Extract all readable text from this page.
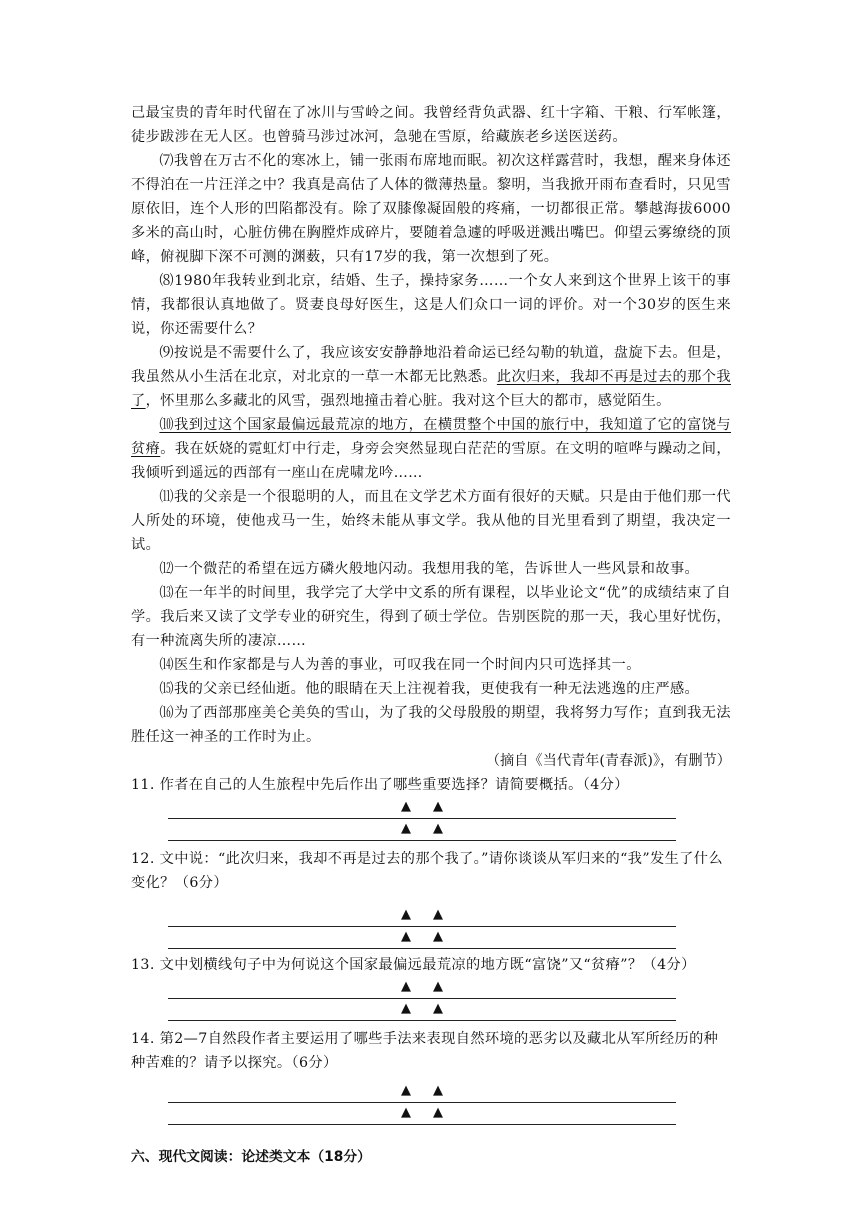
己最宝贵的青年时代留在了冰川与雪岭之间。我曾经背负武器、红十字箱、干粮、行军帐篷，徒步跋涉在无人区。也曾骑马涉过冰河，急驰在雪原，给藏族老乡送医送药。

⑺我曾在万古不化的寒冰上，铺一张雨布席地而眠。初次这样露营时，我想，醒来身体还不得泊在一片汪洋之中？我真是高估了人体的微薄热量。黎明，当我掀开雨布查看时，只见雪原依旧，连个人形的凹陷都没有。除了双膝像凝固般的疼痛，一切都很正常。攀越海拔6000多米的高山时，心脏仿佛在胸膛炸成碎片，要随着急遽的呼吸迸溅出嘴巴。仰望云雾缭绕的顶峰，俯视脚下深不可测的渊薮，只有17岁的我，第一次想到了死。

⑻1980年我转业到北京，结婚、生子，操持家务……一个女人来到这个世界上该干的事情，我都很认真地做了。贤妻良母好医生，这是人们众口一词的评价。对一个30岁的医生来说，你还需要什么？

⑼按说是不需要什么了，我应该安安静静地沿着命运已经勾勒的轨道，盘旋下去。但是，我虽然从小生活在北京，对北京的一草一木都无比熟悉。此次归来，我却不再是过去的那个我了，怀里那么多藏北的风雪，强烈地撞击着心脏。我对这个巨大的都市，感觉陌生。

⑽我到过这个国家最偏远最荒凉的地方，在横贯整个中国的旅行中，我知道了它的富饶与贫瘠。我在妖娆的霓虹灯中行走，身旁会突然显现白茫茫的雪原。在文明的喧哗与躁动之间，我倾听到遥远的西部有一座山在虎啸龙吟……

⑾我的父亲是一个很聪明的人，而且在文学艺术方面有很好的天赋。只是由于他们那一代人所处的环境，使他戎马一生，始终未能从事文学。我从他的目光里看到了期望，我决定一试。

⑿一个微茫的希望在远方磷火般地闪动。我想用我的笔，告诉世人一些风景和故事。

⒀在一年半的时间里，我学完了大学中文系的所有课程，以毕业论文“优”的成绩结束了自学。我后来又读了文学专业的研究生，得到了硕士学位。告别医院的那一天，我心里好忧伤，有一种流离失所的凄凉……

⒁医生和作家都是与人为善的事业，可叹我在同一个时间内只可选择其一。

⒂我的父亲已经仙逝。他的眼睛在天上注视着我，更使我有一种无法逃逸的庄严感。

⒃为了西部那座美仑美奂的雪山，为了我的父母殷殷的期望，我将努力写作；直到我无法胜任这一神圣的工作时为止。

（摘自《当代青年(青春派)》，有删节）

11. 作者在自己的人生旅程中先后作出了哪些重要选择？请简要概括。（4分）

▲ ▲
▲ ▲

12. 文中说：“此次归来，我却不再是过去的那个我了。”请你谈谈从军归来的“我”发生了什么变化？（6分）

▲ ▲
▲ ▲

13. 文中划横线句子中为何说这个国家最偏远最荒凉的地方既“富饶”又“贫瘠”？（4分）

▲ ▲
▲ ▲

14. 第2—7自然段作者主要运用了哪些手法来表现自然环境的恶劣以及藏北从军所经历的种种苦难的？请予以探究。（6分）

▲ ▲
▲ ▲

六、现代文阅读：论述类文本（18分）
